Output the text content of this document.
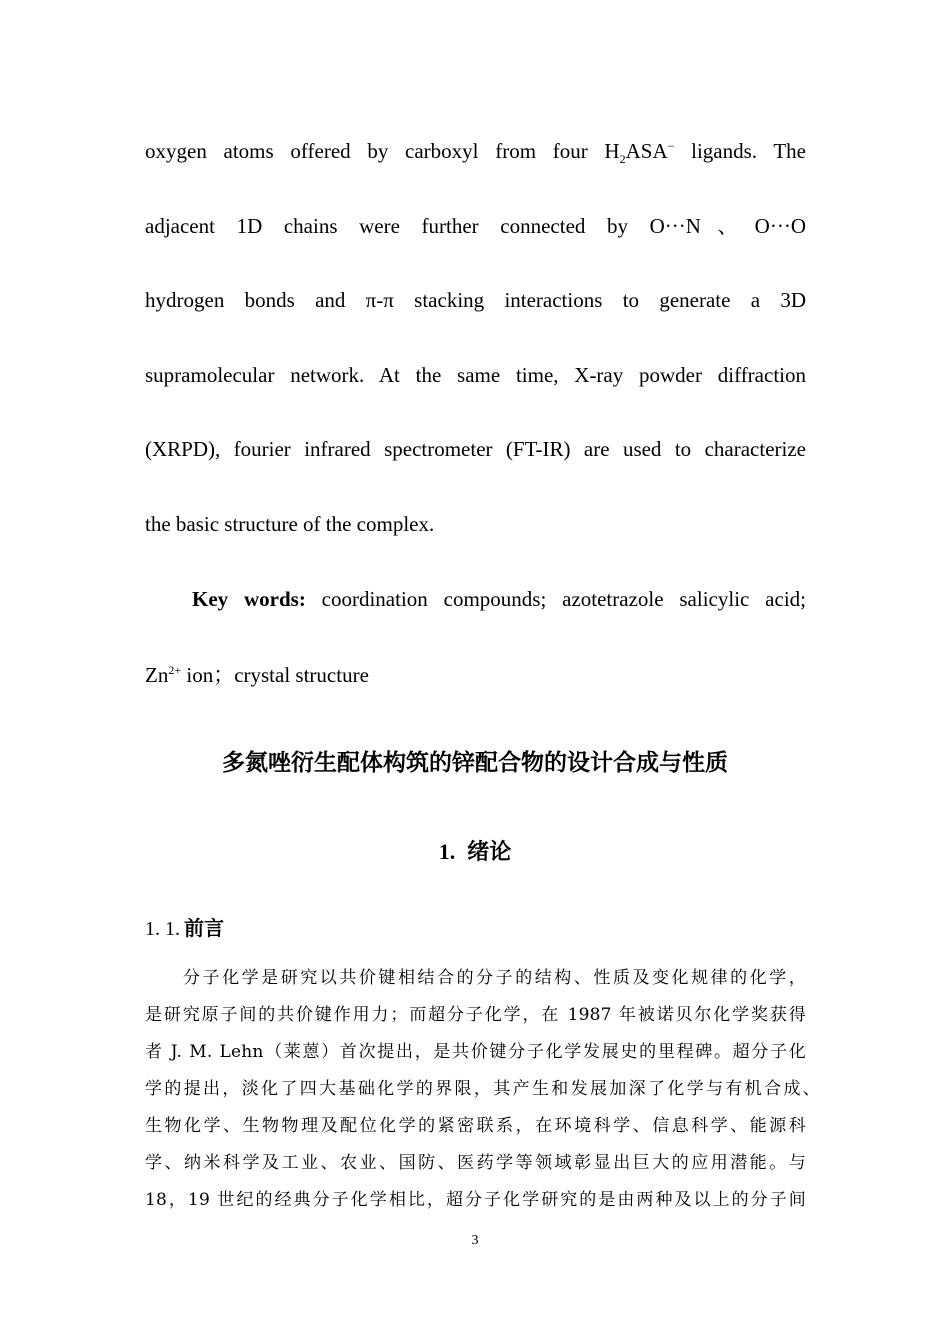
oxygen atoms offered by carboxyl from four $H_2ASA^-$ ligands. The
adjacent 1D chains were further connected by O···N、O···O
hydrogen bonds and π-π stacking interactions to generate a 3D
supramolecular network. At the same time, X-ray powder diffraction
(XRPD), fourier infrared spectrometer (FT-IR) are used to characterize
the basic structure of the complex.
Key words: coordination compounds; azotetrazole salicylic acid;
$Zn^{2+}$ ion；crystal structure
多氮唑衍生配体构筑的锌配合物的设计合成与性质
1. 绪论
1. 1. 前言
分子化学是研究以共价键相结合的分子的结构、性质及变化规律的化学，
是研究原子间的共价键作用力；而超分子化学，在 1987 年被诺贝尔化学奖获得
者 J. M. Lehn（莱蒽）首次提出，是共价键分子化学发展史的里程碑。超分子化
学的提出，淡化了四大基础化学的界限，其产生和发展加深了化学与有机合成、
生物化学、生物物理及配位化学的紧密联系，在环境科学、信息科学、能源科
学、纳米科学及工业、农业、国防、医药学等领域彰显出巨大的应用潜能。与
18，19 世纪的经典分子化学相比，超分子化学研究的是由两种及以上的分子间
3
